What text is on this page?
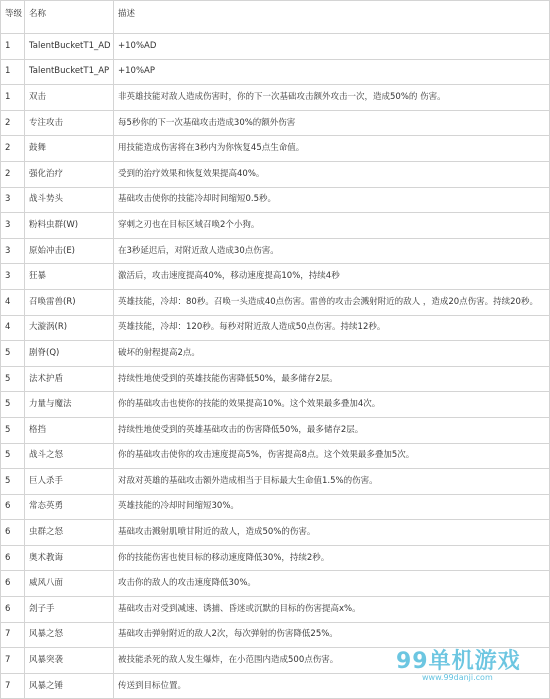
等级	名称	描述
1	TalentBucketT1_AD	+10%AD
1	TalentBucketT1_AP	+10%AP
1	双击	非英雄技能对敌人造成伤害时，你的下一次基础攻击额外攻击一次，造成50%的 伤害。
2	专注攻击	每5秒你的下一次基础攻击造成30%的额外伤害
2	鼓舞	用技能造成伤害将在3秒内为你恢复45点生命值。
2	强化治疗	受到的治疗效果和恢复效果提高40%。
3	战斗势头	基础攻击使你的技能冷却时间缩短0.5秒。
3	粉料虫群(W)	穿刺之刃也在目标区域召唤2个小狗。
3	原始冲击(E)	在3秒延迟后，对附近敌人造成30点伤害。
3	狂暴	激活后，攻击速度提高40%，移动速度提高10%，持续4秒
4	召唤雷兽(R)	英雄技能，冷却：80秒。召唤一头造成40点伤害。雷兽的攻击会溅射附近的敌人 ，造成20点伤害。持续20秒。
4	大漩涡(R)	英雄技能，冷却：120秒。每秒对附近敌人造成50点伤害。持续12秒。
5	剧脊(Q)	破坏的射程提高2点。
5	法术护盾	持续性地使受到的英雄技能伤害降低50%，最多储存2层。
5	力量与魔法	你的基础攻击也使你的技能的效果提高10%。这个效果最多叠加4次。
5	格挡	持续性地使受到的英雄基础攻击的伤害降低50%，最多储存2层。
5	战斗之怒	你的基础攻击使你的攻击速度提高5%，伤害提高8点。这个效果最多叠加5次。
5	巨人杀手	对敌对英雄的基础攻击额外造成相当于目标最大生命值1.5%的伤害。
6	常态英勇	英雄技能的冷却时间缩短30%。
6	虫群之怒	基础攻击溅射肌喷甘附近的敌人，造成50%的伤害。
6	奥术教诲	你的技能伤害也使目标的移动速度降低30%，持续2秒。
6	威风八面	攻击你的敌人的攻击速度降低30%。
6	刽子手	基础攻击对受到减速、诱捕、昏迷或沉默的目标的伤害提高x%。
7	风暴之怒	基础攻击弹射附近的敌人2次，每次弹射的伤害降低25%。
7	风暴突袭	被技能杀死的敌人发生爆炸，在小范围内造成500点伤害。
7	风暴之锤	传送到目标位置。
99单机游戏
www.99danji.com
